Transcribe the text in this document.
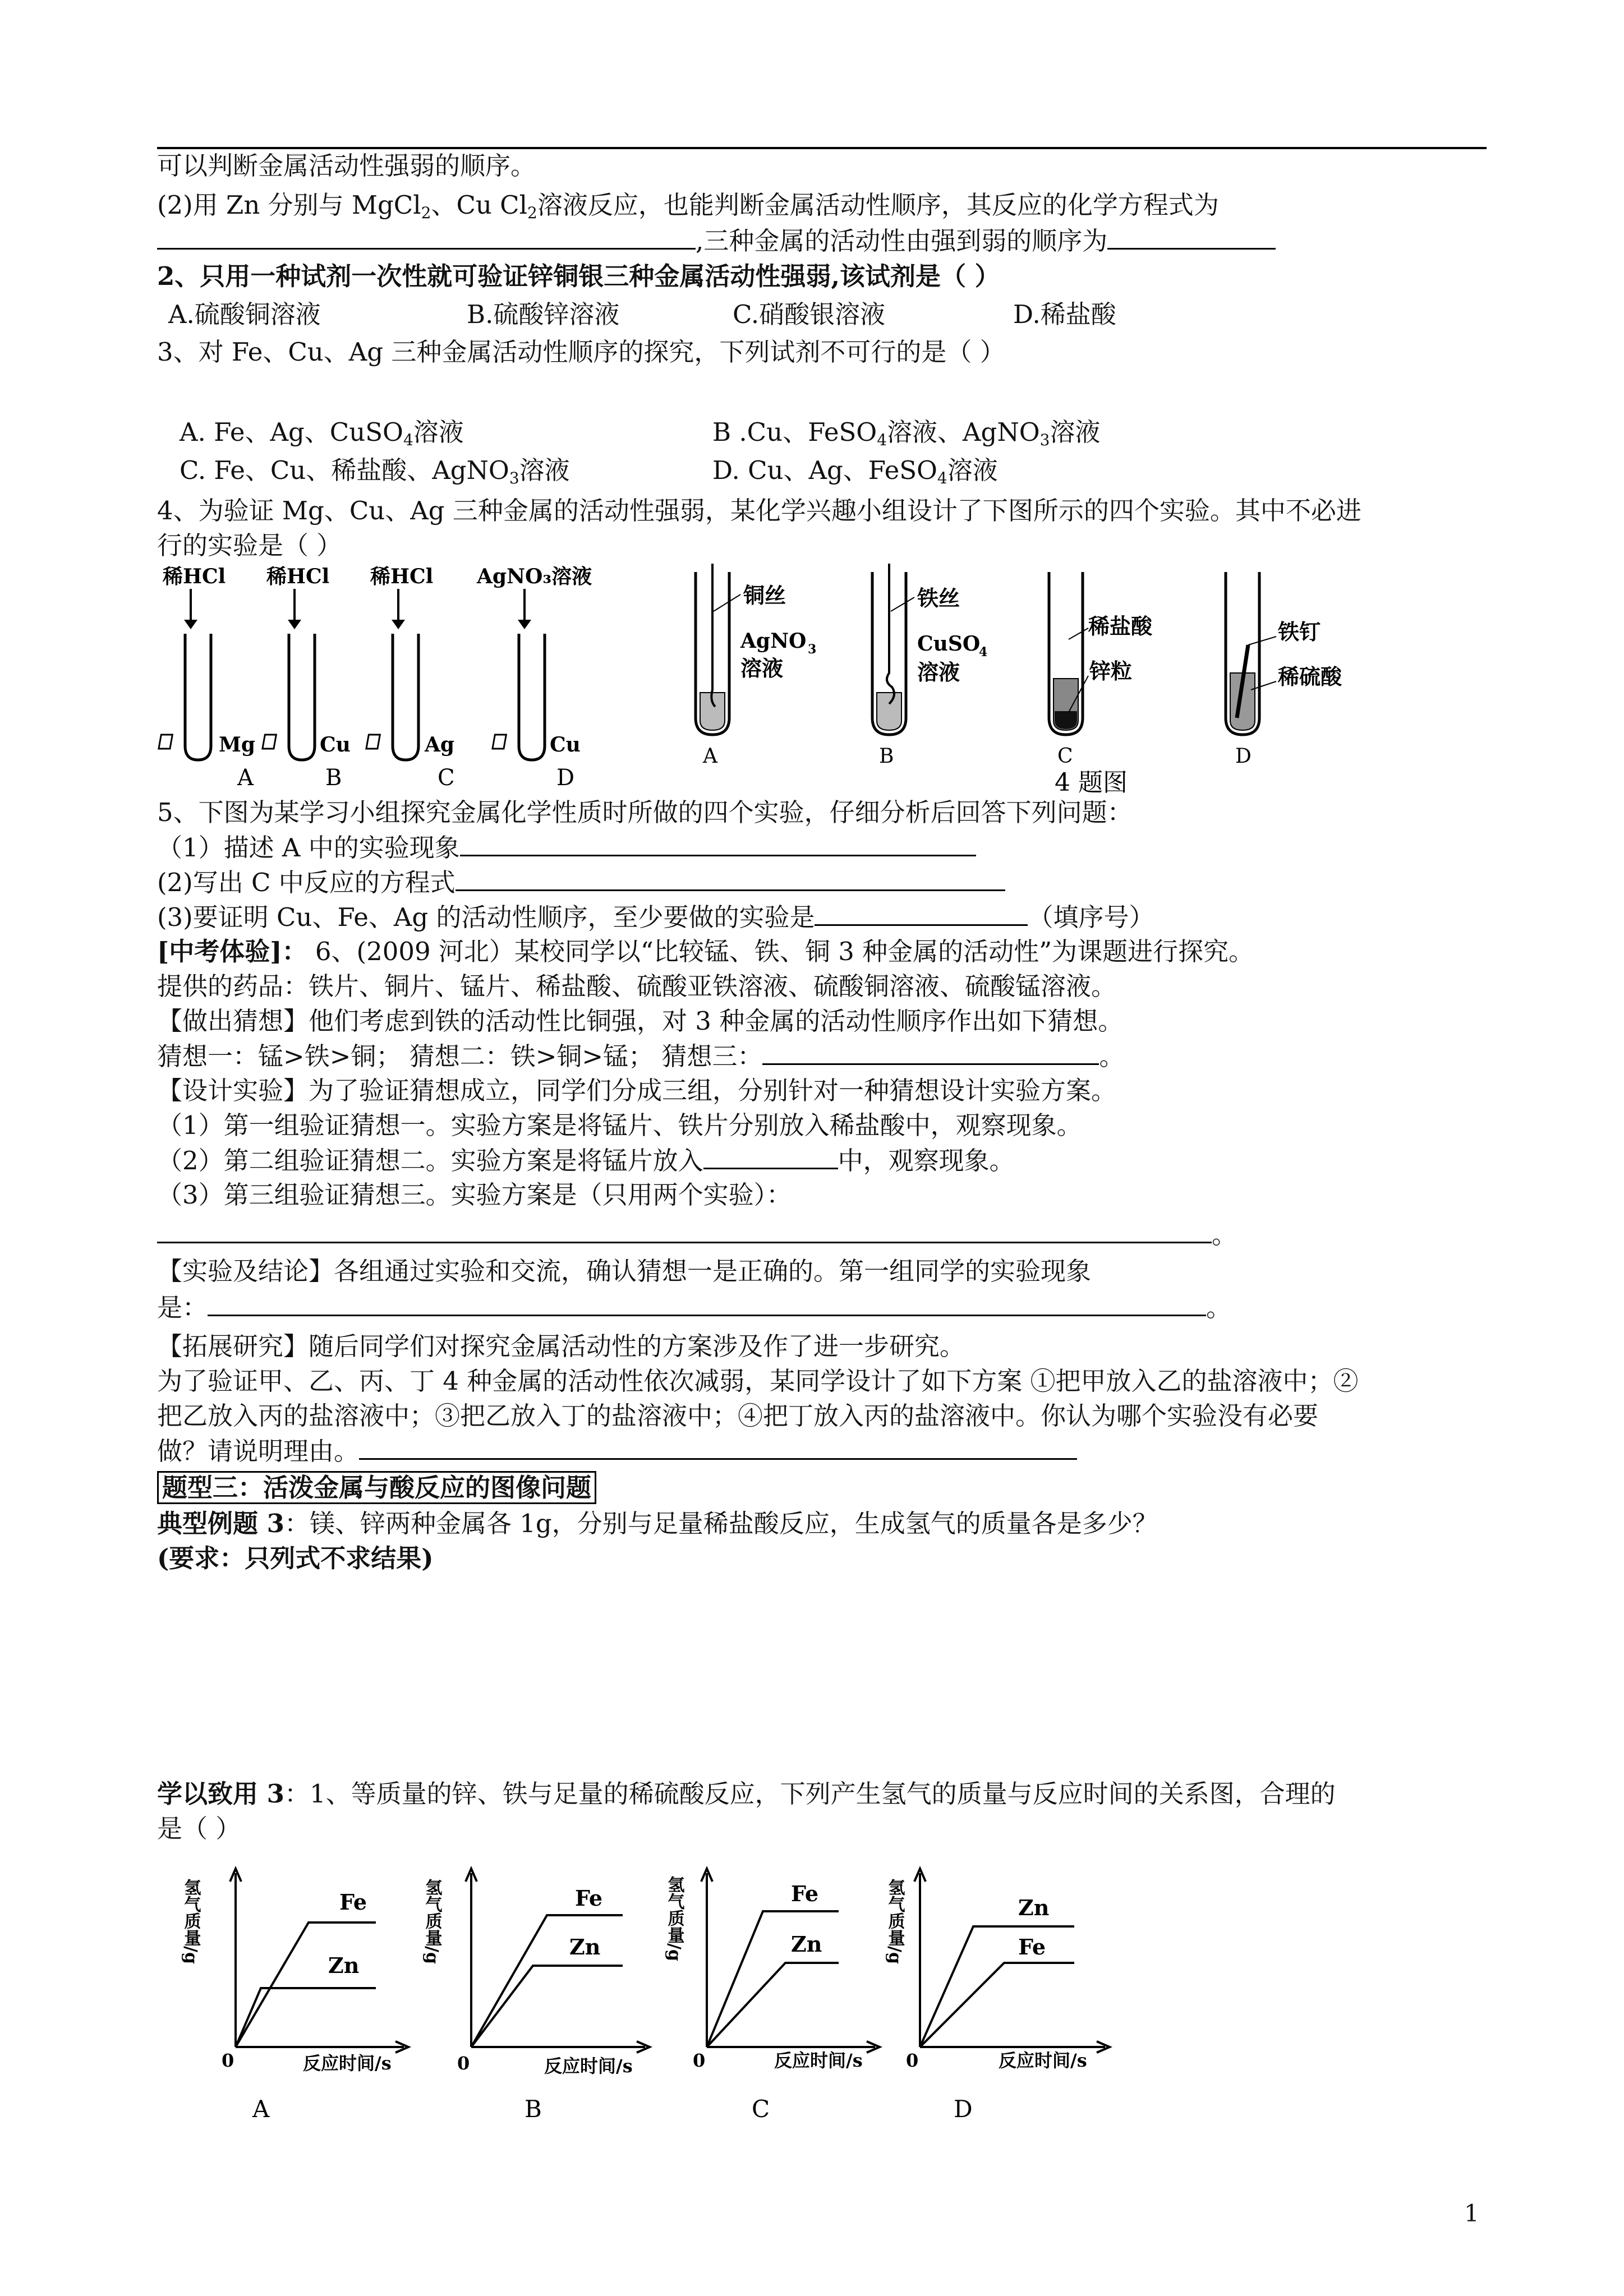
可以判断金属活动性强弱的顺序。
(2)用 Zn 分别与 MgCl$_2$、Cu $Cl_2$溶液反应，也能判断金属活动性顺序，其反应的化学方程式为
,三种金属的活动性由强到弱的顺序为
2、只用一种试剂一次性就可验证锌铜银三种金属活动性强弱,该试剂是（ ）
A.硫酸铜溶液	B.硫酸锌溶液	C.硝酸银溶液	D.稀盐酸
3、对 Fe、Cu、Ag 三种金属活动性顺序的探究，下列试剂不可行的是（ ）
A. Fe、Ag、CuSO$_4$溶液	B .Cu、FeSO$_4$溶液、AgNO$_3$溶液
C. Fe、Cu、稀盐酸、AgNO$_3$溶液	D. Cu、Ag、FeSO$_4$溶液
4、为验证 Mg、Cu、Ag 三种金属的活动性强弱，某化学兴趣小组设计了下图所示的四个实验。其中不必进
行的实验是（ ）
稀HCl
Mg
A
稀HCl
Cu
B
稀HCl
Ag
C
AgNO₃溶液
Cu
D
铜丝
AgNO 3
溶液
A
铁丝
CuSO
4
溶液
B
稀盐酸
锌粒
C
铁钉
稀硫酸
D
4 题图
5、下图为某学习小组探究金属化学性质时所做的四个实验，仔细分析后回答下列问题：
（1）描述 A 中的实验现象
(2)写出 C 中反应的方程式
(3)要证明 Cu、Fe、Ag 的活动性顺序，至少要做的实验是	（填序号）
[中考体验]： 6、(2009 河北）某校同学以“比较锰、铁、铜 3 种金属的活动性”为课题进行探究。
提供的药品：铁片、铜片、锰片、稀盐酸、硫酸亚铁溶液、硫酸铜溶液、硫酸锰溶液。
【做出猜想】他们考虑到铁的活动性比铜强，对 3 种金属的活动性顺序作出如下猜想。
猜想一：锰>铁>铜； 猜想二：铁>铜>锰； 猜想三：	。
【设计实验】为了验证猜想成立，同学们分成三组，分别针对一种猜想设计实验方案。
（1）第一组验证猜想一。实验方案是将锰片、铁片分别放入稀盐酸中，观察现象。
（2）第二组验证猜想二。实验方案是将锰片放入	中，观察现象。
（3）第三组验证猜想三。实验方案是（只用两个实验）：
。
【实验及结论】各组通过实验和交流，确认猜想一是正确的。第一组同学的实验现象
是：	。
【拓展研究】随后同学们对探究金属活动性的方案涉及作了进一步研究。
为了验证甲、乙、丙、丁 4 种金属的活动性依次减弱，某同学设计了如下方案 ①把甲放入乙的盐溶液中；②
把乙放入丙的盐溶液中；③把乙放入丁的盐溶液中；④把丁放入丙的盐溶液中。你认为哪个实验没有必要
做？请说明理由。
题型三：活泼金属与酸反应的图像问题
典型例题 3：镁、锌两种金属各 1g，分别与足量稀盐酸反应，生成氢气的质量各是多少？
(要求：只列式不求结果)
学以致用 3：1、等质量的锌、铁与足量的稀硫酸反应，下列产生氢气的质量与反应时间的关系图，合理的
是（ ）
氢气质量/g
0	反应时间/s
Fe
Zn
A
氢气质量/g
0	反应时间/s
Fe
Zn
B
氢气质量/g
0	反应时间/s
Fe
Zn
C
氢气质量/g
0	反应时间/s
Zn
Fe
D
1
